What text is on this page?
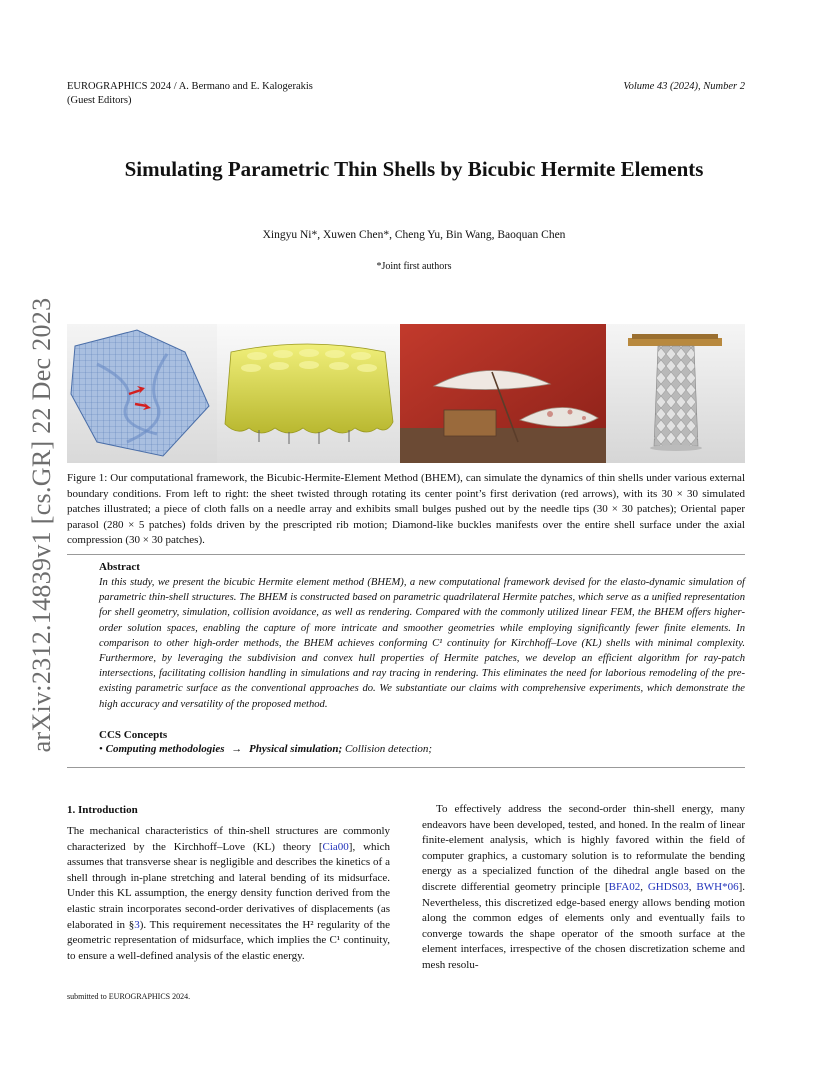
EUROGRAPHICS 2024 / A. Bermano and E. Kalogerakis
(Guest Editors)
Volume 43 (2024), Number 2
Simulating Parametric Thin Shells by Bicubic Hermite Elements
Xingyu Ni*, Xuwen Chen*, Cheng Yu, Bin Wang, Baoquan Chen
*Joint first authors
arXiv:2312.14839v1 [cs.GR] 22 Dec 2023 Figure 1: Our computational framework, the Bicubic-Hermite-Element Method (BHEM), can simulate the dynamics of thin shells under various external boundary conditions. From left to right: the sheet twisted through rotating its center point’s first derivation (red arrows), with its 30 × 30 simulated patches illustrated; a piece of cloth falls on a needle array and exhibits small bulges pushed out by the needle tips (30 × 30 patches); Oriental paper parasol (280 × 5 patches) folds driven by the prescripted rib motion; Diamond-like buckles manifests over the entire shell surface under the axial compression (30 × 30 patches).
Abstract
In this study, we present the bicubic Hermite element method (BHEM), a new computational framework devised for the elasto-dynamic simulation of parametric thin-shell structures. The BHEM is constructed based on parametric quadrilateral Hermite patches, which serve as a unified representation for shell geometry, simulation, collision avoidance, as well as rendering. Compared with the commonly utilized linear FEM, the BHEM offers higher-order solution spaces, enabling the capture of more intricate and smoother geometries while employing significantly fewer finite elements. In comparison to other high-order methods, the BHEM achieves conforming C¹ continuity for Kirchhoff–Love (KL) shells with minimal complexity. Furthermore, by leveraging the subdivision and convex hull properties of Hermite patches, we develop an efficient algorithm for ray-patch intersections, facilitating collision handling in simulations and ray tracing in rendering. This eliminates the need for laborious remodeling of the pre-existing parametric surface as the conventional approaches do. We substantiate our claims with comprehensive experiments, which demonstrate the high accuracy and versatility of the proposed method.
CCS Concepts
• Computing methodologies → Physical simulation; Collision detection;
1. Introduction
The mechanical characteristics of thin-shell structures are commonly characterized by the Kirchhoff–Love (KL) theory [Cia00], which assumes that transverse shear is negligible and describes the kinetics of a shell through in-plane stretching and lateral bending of its midsurface. Under this KL assumption, the energy density function derived from the elastic strain incorporates second-order derivatives of displacements (as elaborated in §3). This requirement necessitates the H² regularity of the geometric representation of midsurface, which implies the C¹ continuity, to ensure a well-defined analysis of the elastic energy.
To effectively address the second-order thin-shell energy, many endeavors have been developed, tested, and honed. In the realm of linear finite-element analysis, which is highly favored within the field of computer graphics, a customary solution is to reformulate the bending energy as a specialized function of the dihedral angle based on the discrete differential geometry principle [BFA02, GHDS03, BWH*06]. Nevertheless, this discretized edge-based energy allows bending motion along the common edges of elements only and eventually fails to converge towards the shape operator of the smooth surface at the element interfaces, irrespective of the chosen discretization scheme and mesh resolu-
submitted to EUROGRAPHICS 2024.
